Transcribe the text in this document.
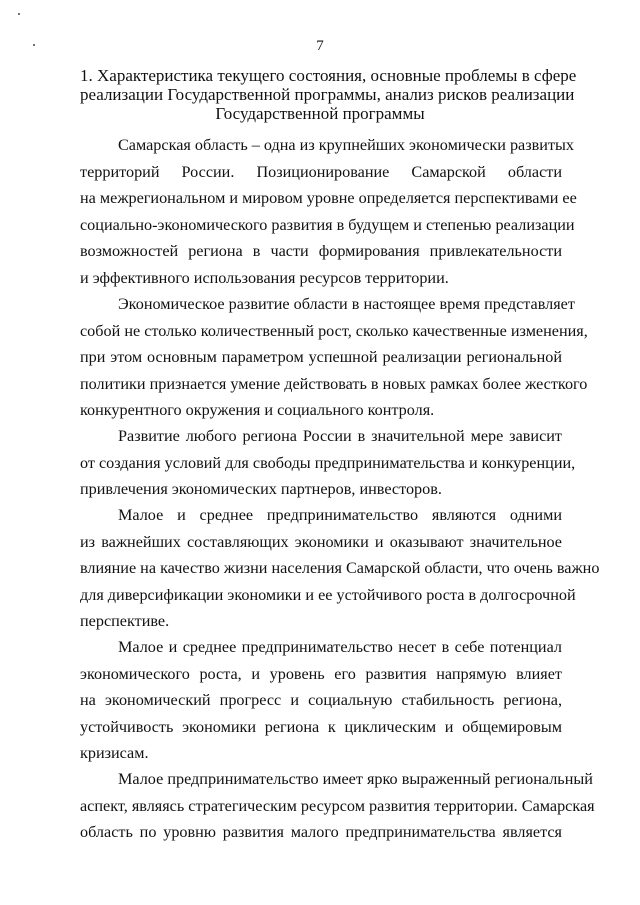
7
1. Характеристика текущего состояния, основные проблемы в сфере
реализации Государственной программы, анализ рисков реализации
Государственной программы
Самарская область – одна из крупнейших экономически развитых
территорий России. Позиционирование Самарской области
на межрегиональном и мировом уровне определяется перспективами ее
социально-экономического развития в будущем и степенью реализации
возможностей региона в части формирования привлекательности
и эффективного использования ресурсов территории.
Экономическое развитие области в настоящее время представляет
собой не столько количественный рост, сколько качественные изменения,
при этом основным параметром успешной реализации региональной
политики признается умение действовать в новых рамках более жесткого
конкурентного окружения и социального контроля.
Развитие любого региона России в значительной мере зависит
от создания условий для свободы предпринимательства и конкуренции,
привлечения экономических партнеров, инвесторов.
Малое и среднее предпринимательство являются одними
из важнейших составляющих экономики и оказывают значительное
влияние на качество жизни населения Самарской области, что очень важно
для диверсификации экономики и ее устойчивого роста в долгосрочной
перспективе.
Малое и среднее предпринимательство несет в себе потенциал
экономического роста, и уровень его развития напрямую влияет
на экономический прогресс и социальную стабильность региона,
устойчивость экономики региона к циклическим и общемировым
кризисам.
Малое предпринимательство имеет ярко выраженный региональный
аспект, являясь стратегическим ресурсом развития территории. Самарская
область по уровню развития малого предпринимательства является
